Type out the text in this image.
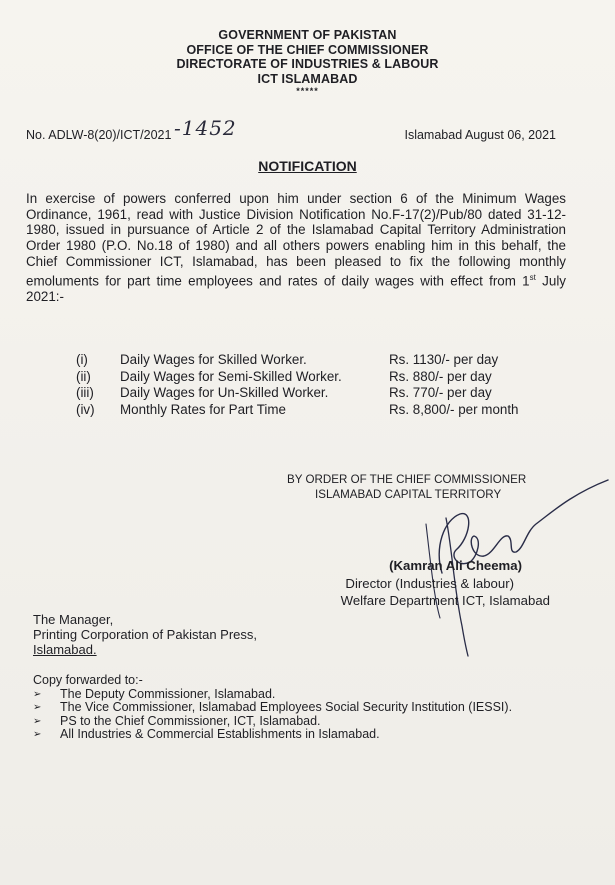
GOVERNMENT OF PAKISTAN
OFFICE OF THE CHIEF COMMISSIONER
DIRECTORATE OF INDUSTRIES & LABOUR
ICT ISLAMABAD
*****
No. ADLW-8(20)/ICT/2021 -1452	Islamabad August 06, 2021
NOTIFICATION
In exercise of powers conferred upon him under section 6 of the Minimum Wages Ordinance, 1961, read with Justice Division Notification No.F-17(2)/Pub/80 dated 31-12-1980, issued in pursuance of Article 2 of the Islamabad Capital Territory Administration Order 1980 (P.O. No.18 of 1980) and all others powers enabling him in this behalf, the Chief Commissioner ICT, Islamabad, has been pleased to fix the following monthly emoluments for part time employees and rates of daily wages with effect from 1st July 2021:-
(i)	Daily Wages for Skilled Worker.	Rs. 1130/- per day
(ii)	Daily Wages for Semi-Skilled Worker.	Rs. 880/- per day
(iii)	Daily Wages for Un-Skilled Worker.	Rs. 770/- per day
(iv)	Monthly Rates for Part Time	Rs. 8,800/- per month
BY ORDER OF THE CHIEF COMMISSIONER
ISLAMABAD CAPITAL TERRITORY
(Kamran Ali Cheema)
Director (Industries & labour)
Welfare Department ICT, Islamabad
The Manager,
Printing Corporation of Pakistan Press,
Islamabad.
Copy forwarded to:-
➢ The Deputy Commissioner, Islamabad.
➢ The Vice Commissioner, Islamabad Employees Social Security Institution (IESSI).
➢ PS to the Chief Commissioner, ICT, Islamabad.
➢ All Industries & Commercial Establishments in Islamabad.
